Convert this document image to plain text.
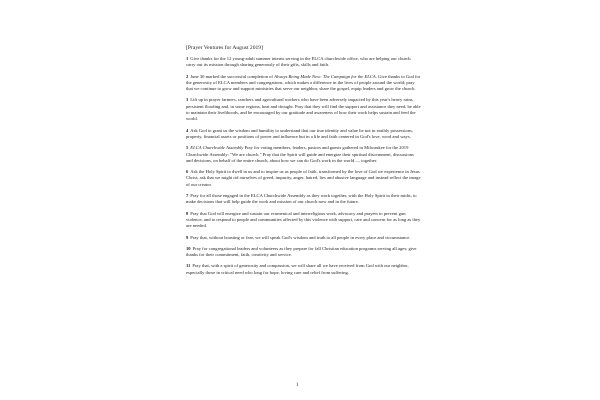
[Prayer Ventures for August 2019]

1 Give thanks for the 12 young-adult summer interns serving in the ELCA churchwide office, who are helping our church carry out its mission through sharing generously of their gifts, skills and faith.

2 June 30 marked the successful completion of Always Being Made New: The Campaign for the ELCA. Give thanks to God for the generosity of ELCA members and congregations, which makes a difference in the lives of people around the world; pray that we continue to grow and support ministries that serve our neighbor, share the gospel, equip leaders and grow the church.

3 Lift up in prayer farmers, ranchers and agricultural workers who have been adversely impacted by this year's heavy rains, persistent flooding and, in some regions, heat and drought. Pray that they will find the support and assistance they need, be able to maintain their livelihoods, and be encouraged by our gratitude and awareness of how their work helps sustain and feed the world.

4 Ask God to grant us the wisdom and humility to understand that our true identity and value lie not in earthly possessions, property, financial assets or positions of power and influence but in a life and faith centered in God's love, word and ways.

5 ELCA Churchwide Assembly Pray for voting members, leaders, pastors and guests gathered in Milwaukee for the 2019 Churchwide Assembly: "We are church." Pray that the Spirit will guide and energize their spiritual discernment, discussions and decisions, on behalf of the entire church, about how we can do God's work in the world — together.

6 Ask the Holy Spirit to dwell in us and to inspire us as people of faith, transformed by the love of God we experience in Jesus Christ; ask that we might rid ourselves of greed, impurity, anger, hatred, lies and abusive language and instead reflect the image of our creator.

7 Pray for all those engaged in the ELCA Churchwide Assembly as they work together, with the Holy Spirit in their midst, to make decisions that will help guide the work and mission of our church now and in the future.

8 Pray that God will energize and sustain our ecumenical and interreligious work, advocacy and prayers to prevent gun violence, and to respond to people and communities affected by this violence with support, care and concern for as long as they are needed.

9 Pray that, without boasting or fear, we will speak God's wisdom and truth to all people in every place and circumstance.

10 Pray for congregational leaders and volunteers as they prepare for fall Christian education programs serving all ages; give thanks for their commitment, faith, creativity and service.

11 Pray that, with a spirit of generosity and compassion, we will share all we have received from God with our neighbor, especially those in critical need who long for hope, loving care and relief from suffering.

1
